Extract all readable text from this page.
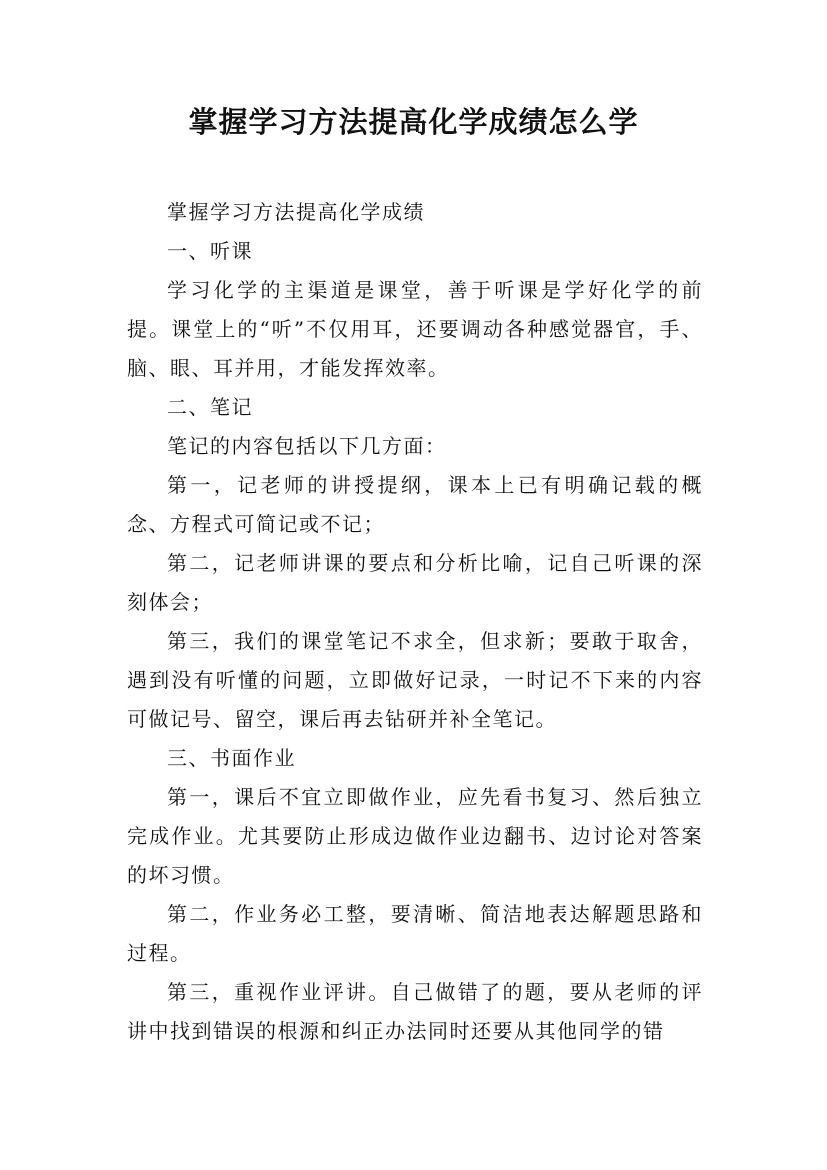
掌握学习方法提高化学成绩怎么学

掌握学习方法提高化学成绩

一、听课

学习化学的主渠道是课堂，善于听课是学好化学的前提。课堂上的“听”不仅用耳，还要调动各种感觉器官，手、脑、眼、耳并用，才能发挥效率。

二、笔记

笔记的内容包括以下几方面：

第一，记老师的讲授提纲，课本上已有明确记载的概念、方程式可简记或不记；

第二，记老师讲课的要点和分析比喻，记自己听课的深刻体会；

第三，我们的课堂笔记不求全，但求新；要敢于取舍，遇到没有听懂的问题，立即做好记录，一时记不下来的内容可做记号、留空，课后再去钻研并补全笔记。

三、书面作业

第一，课后不宜立即做作业，应先看书复习、然后独立完成作业。尤其要防止形成边做作业边翻书、边讨论对答案的坏习惯。

第二，作业务必工整，要清晰、简洁地表达解题思路和过程。

第三，重视作业评讲。自己做错了的题，要从老师的评讲中找到错误的根源和纠正办法同时还要从其他同学的错
